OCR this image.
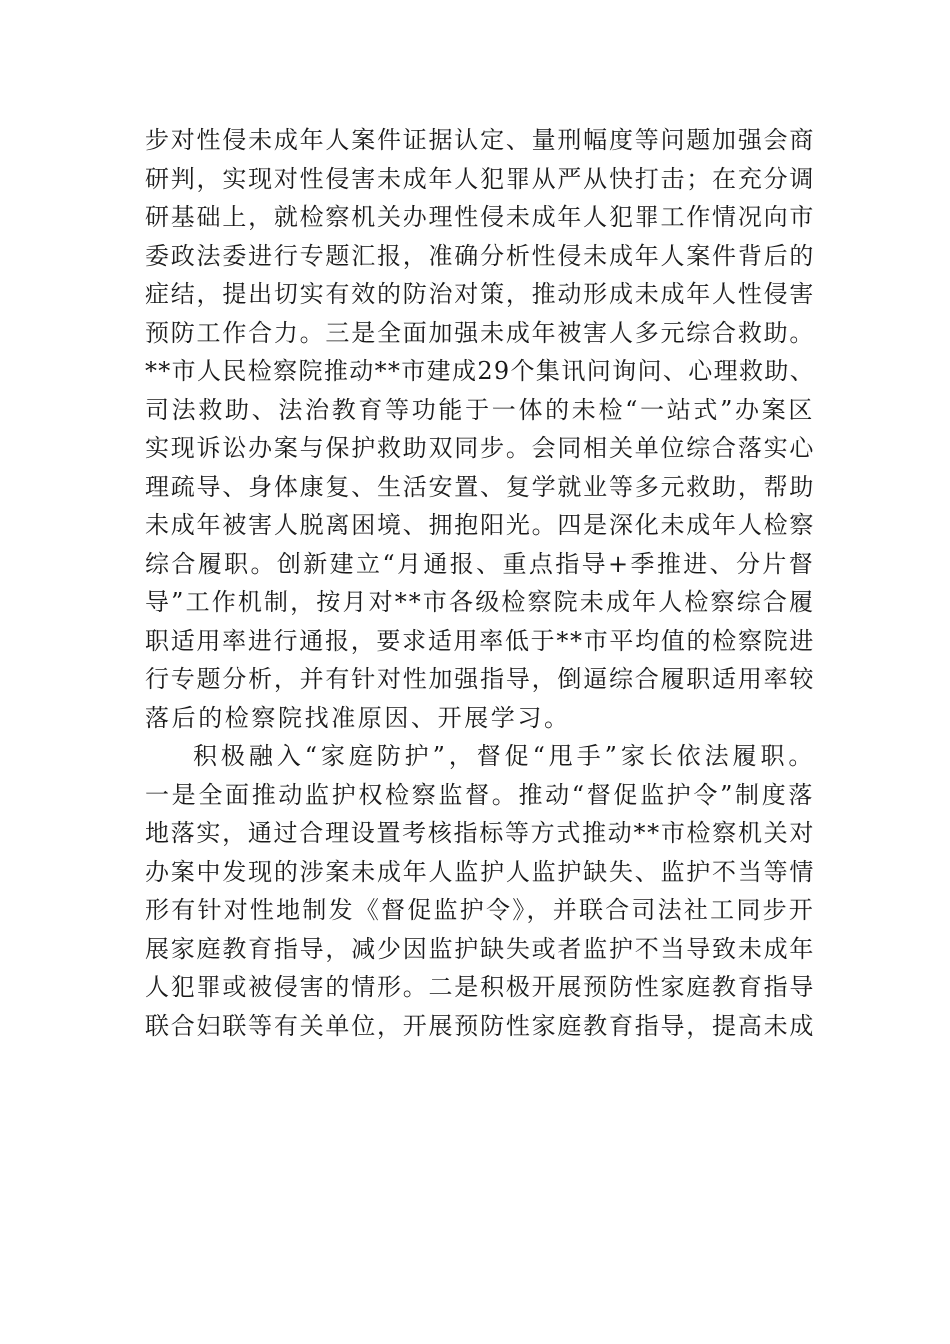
步对性侵未成年人案件证据认定、量刑幅度等问题加强会商
研判，实现对性侵害未成年人犯罪从严从快打击；在充分调
研基础上，就检察机关办理性侵未成年人犯罪工作情况向市
委政法委进行专题汇报，准确分析性侵未成年人案件背后的
症结，提出切实有效的防治对策，推动形成未成年人性侵害
预防工作合力。三是全面加强未成年被害人多元综合救助。
**市人民检察院推动**市建成29个集讯问询问、心理救助、
司法救助、法治教育等功能于一体的未检“一站式”办案区
实现诉讼办案与保护救助双同步。会同相关单位综合落实心
理疏导、身体康复、生活安置、复学就业等多元救助，帮助
未成年被害人脱离困境、拥抱阳光。四是深化未成年人检察
综合履职。创新建立“月通报、重点指导+季推进、分片督
导”工作机制，按月对**市各级检察院未成年人检察综合履
职适用率进行通报，要求适用率低于**市平均值的检察院进
行专题分析，并有针对性加强指导，倒逼综合履职适用率较
落后的检察院找准原因、开展学习。
积极融入“家庭防护”，督促“甩手”家长依法履职。
一是全面推动监护权检察监督。推动“督促监护令”制度落
地落实，通过合理设置考核指标等方式推动**市检察机关对
办案中发现的涉案未成年人监护人监护缺失、监护不当等情
形有针对性地制发《督促监护令》，并联合司法社工同步开
展家庭教育指导，减少因监护缺失或者监护不当导致未成年
人犯罪或被侵害的情形。二是积极开展预防性家庭教育指导
联合妇联等有关单位，开展预防性家庭教育指导，提高未成
